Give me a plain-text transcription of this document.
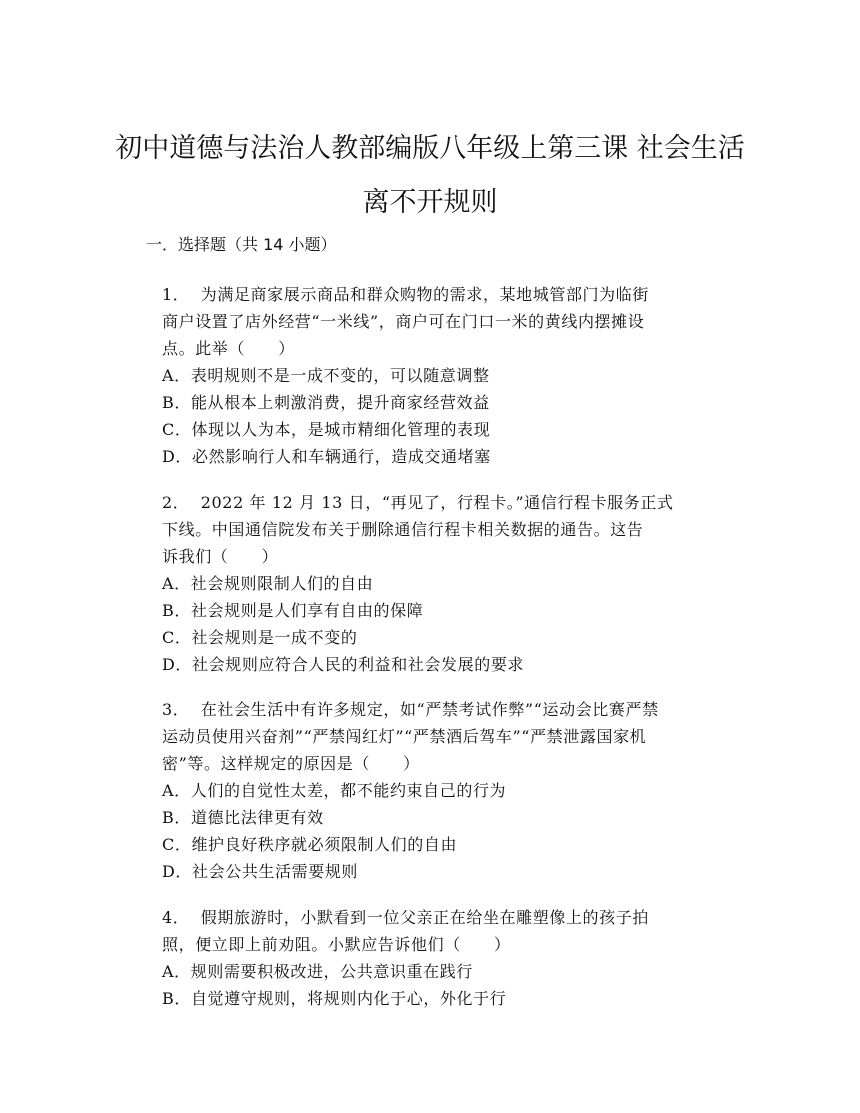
初中道德与法治人教部编版八年级上第三课 社会生活
离不开规则
一．选择题（共 14 小题）
1．  为满足商家展示商品和群众购物的需求，某地城管部门为临街
商户设置了店外经营“一米线”，商户可在门口一米的黄线内摆摊设
点。此举（　　）
A．表明规则不是一成不变的，可以随意调整
B．能从根本上刺激消费，提升商家经营效益
C．体现以人为本，是城市精细化管理的表现
D．必然影响行人和车辆通行，造成交通堵塞
2．  2022 年 12 月 13 日，“再见了，行程卡。”通信行程卡服务正式
下线。中国通信院发布关于删除通信行程卡相关数据的通告。这告
诉我们（　　）
A．社会规则限制人们的自由
B．社会规则是人们享有自由的保障
C．社会规则是一成不变的
D．社会规则应符合人民的利益和社会发展的要求
3．  在社会生活中有许多规定，如“严禁考试作弊”“运动会比赛严禁
运动员使用兴奋剂”“严禁闯红灯”“严禁酒后驾车”“严禁泄露国家机
密”等。这样规定的原因是（　　）
A．人们的自觉性太差，都不能约束自己的行为
B．道德比法律更有效
C．维护良好秩序就必须限制人们的自由
D．社会公共生活需要规则
4．  假期旅游时，小默看到一位父亲正在给坐在雕塑像上的孩子拍
照，便立即上前劝阻。小默应告诉他们（　　）
A．规则需要积极改进，公共意识重在践行
B．自觉遵守规则，将规则内化于心，外化于行
